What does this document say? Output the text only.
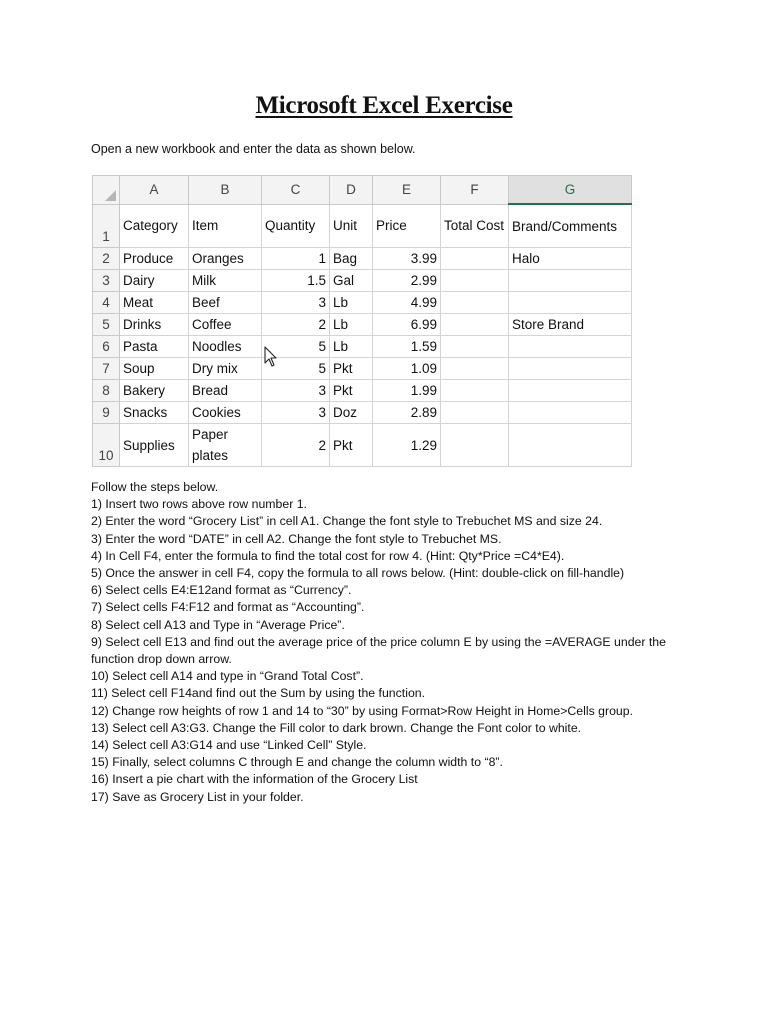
Microsoft Excel Exercise
Open a new workbook and enter the data as shown below.
	A	B	C	D	E	F	G
1	Category	Item	Quantity	Unit	Price	Total Cost	Brand/Comments
2	Produce	Oranges	1	Bag	3.99		Halo
3	Dairy	Milk	1.5	Gal	2.99		
4	Meat	Beef	3	Lb	4.99		
5	Drinks	Coffee	2	Lb	6.99		Store Brand
6	Pasta	Noodles	5	Lb	1.59		
7	Soup	Dry mix	5	Pkt	1.09		
8	Bakery	Bread	3	Pkt	1.99		
9	Snacks	Cookies	3	Doz	2.89		
10	Supplies	Paper plates	2	Pkt	1.29		
Follow the steps below.
1) Insert two rows above row number 1.
2) Enter the word “Grocery List” in cell A1. Change the font style to Trebuchet MS and size 24.
3) Enter the word “DATE” in cell A2. Change the font style to Trebuchet MS.
4) In Cell F4, enter the formula to find the total cost for row 4. (Hint: Qty*Price =C4*E4).
5) Once the answer in cell F4, copy the formula to all rows below. (Hint: double-click on fill-handle)
6) Select cells E4:E12and format as “Currency”.
7) Select cells F4:F12 and format as “Accounting”.
8) Select cell A13 and Type in “Average Price”.
9) Select cell E13 and find out the average price of the price column E by using the =AVERAGE under the function drop down arrow.
10) Select cell A14 and type in “Grand Total Cost”.
11) Select cell F14and find out the Sum by using the function.
12) Change row heights of row 1 and 14 to “30” by using Format>Row Height in Home>Cells group.
13) Select cell A3:G3. Change the Fill color to dark brown. Change the Font color to white.
14) Select cell A3:G14 and use “Linked Cell” Style.
15) Finally, select columns C through E and change the column width to “8”.
16) Insert a pie chart with the information of the Grocery List
17) Save as Grocery List in your folder.
